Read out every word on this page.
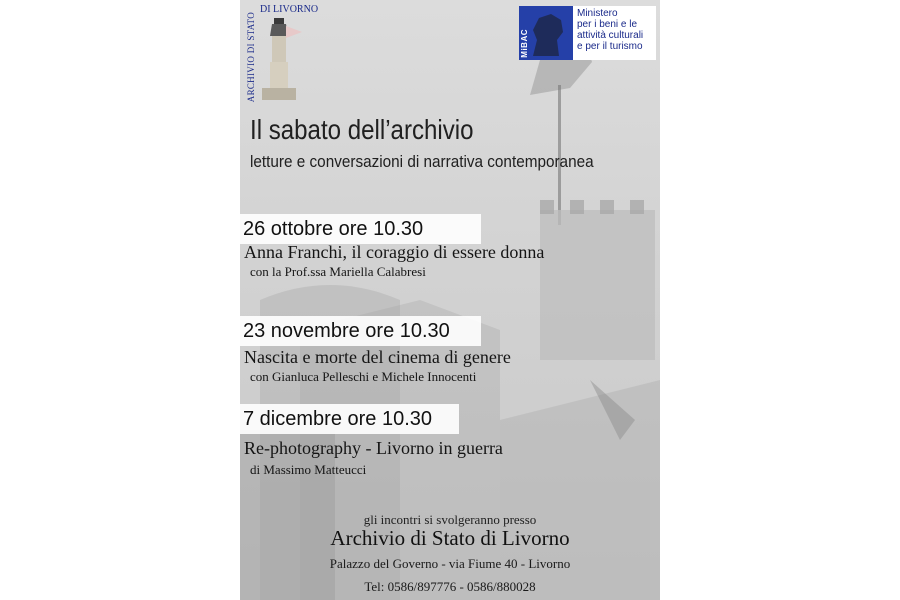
ARCHIVIO DI STATO
DI LIVORNO
MiBAC
Ministero
per i beni e le
attività culturali
e per il turismo
Il sabato dell’archivio
letture e conversazioni di narrativa contemporanea
26 ottobre ore 10.30
Anna Franchi, il coraggio di essere donna
con la Prof.ssa Mariella Calabresi
23 novembre ore 10.30
Nascita e morte del cinema di genere
con Gianluca Pelleschi e Michele Innocenti
7 dicembre ore 10.30
Re-photography - Livorno in guerra
di Massimo Matteucci
gli incontri si svolgeranno presso
Archivio di Stato di Livorno
Palazzo del Governo - via Fiume 40 - Livorno
Tel: 0586/897776 - 0586/880028
